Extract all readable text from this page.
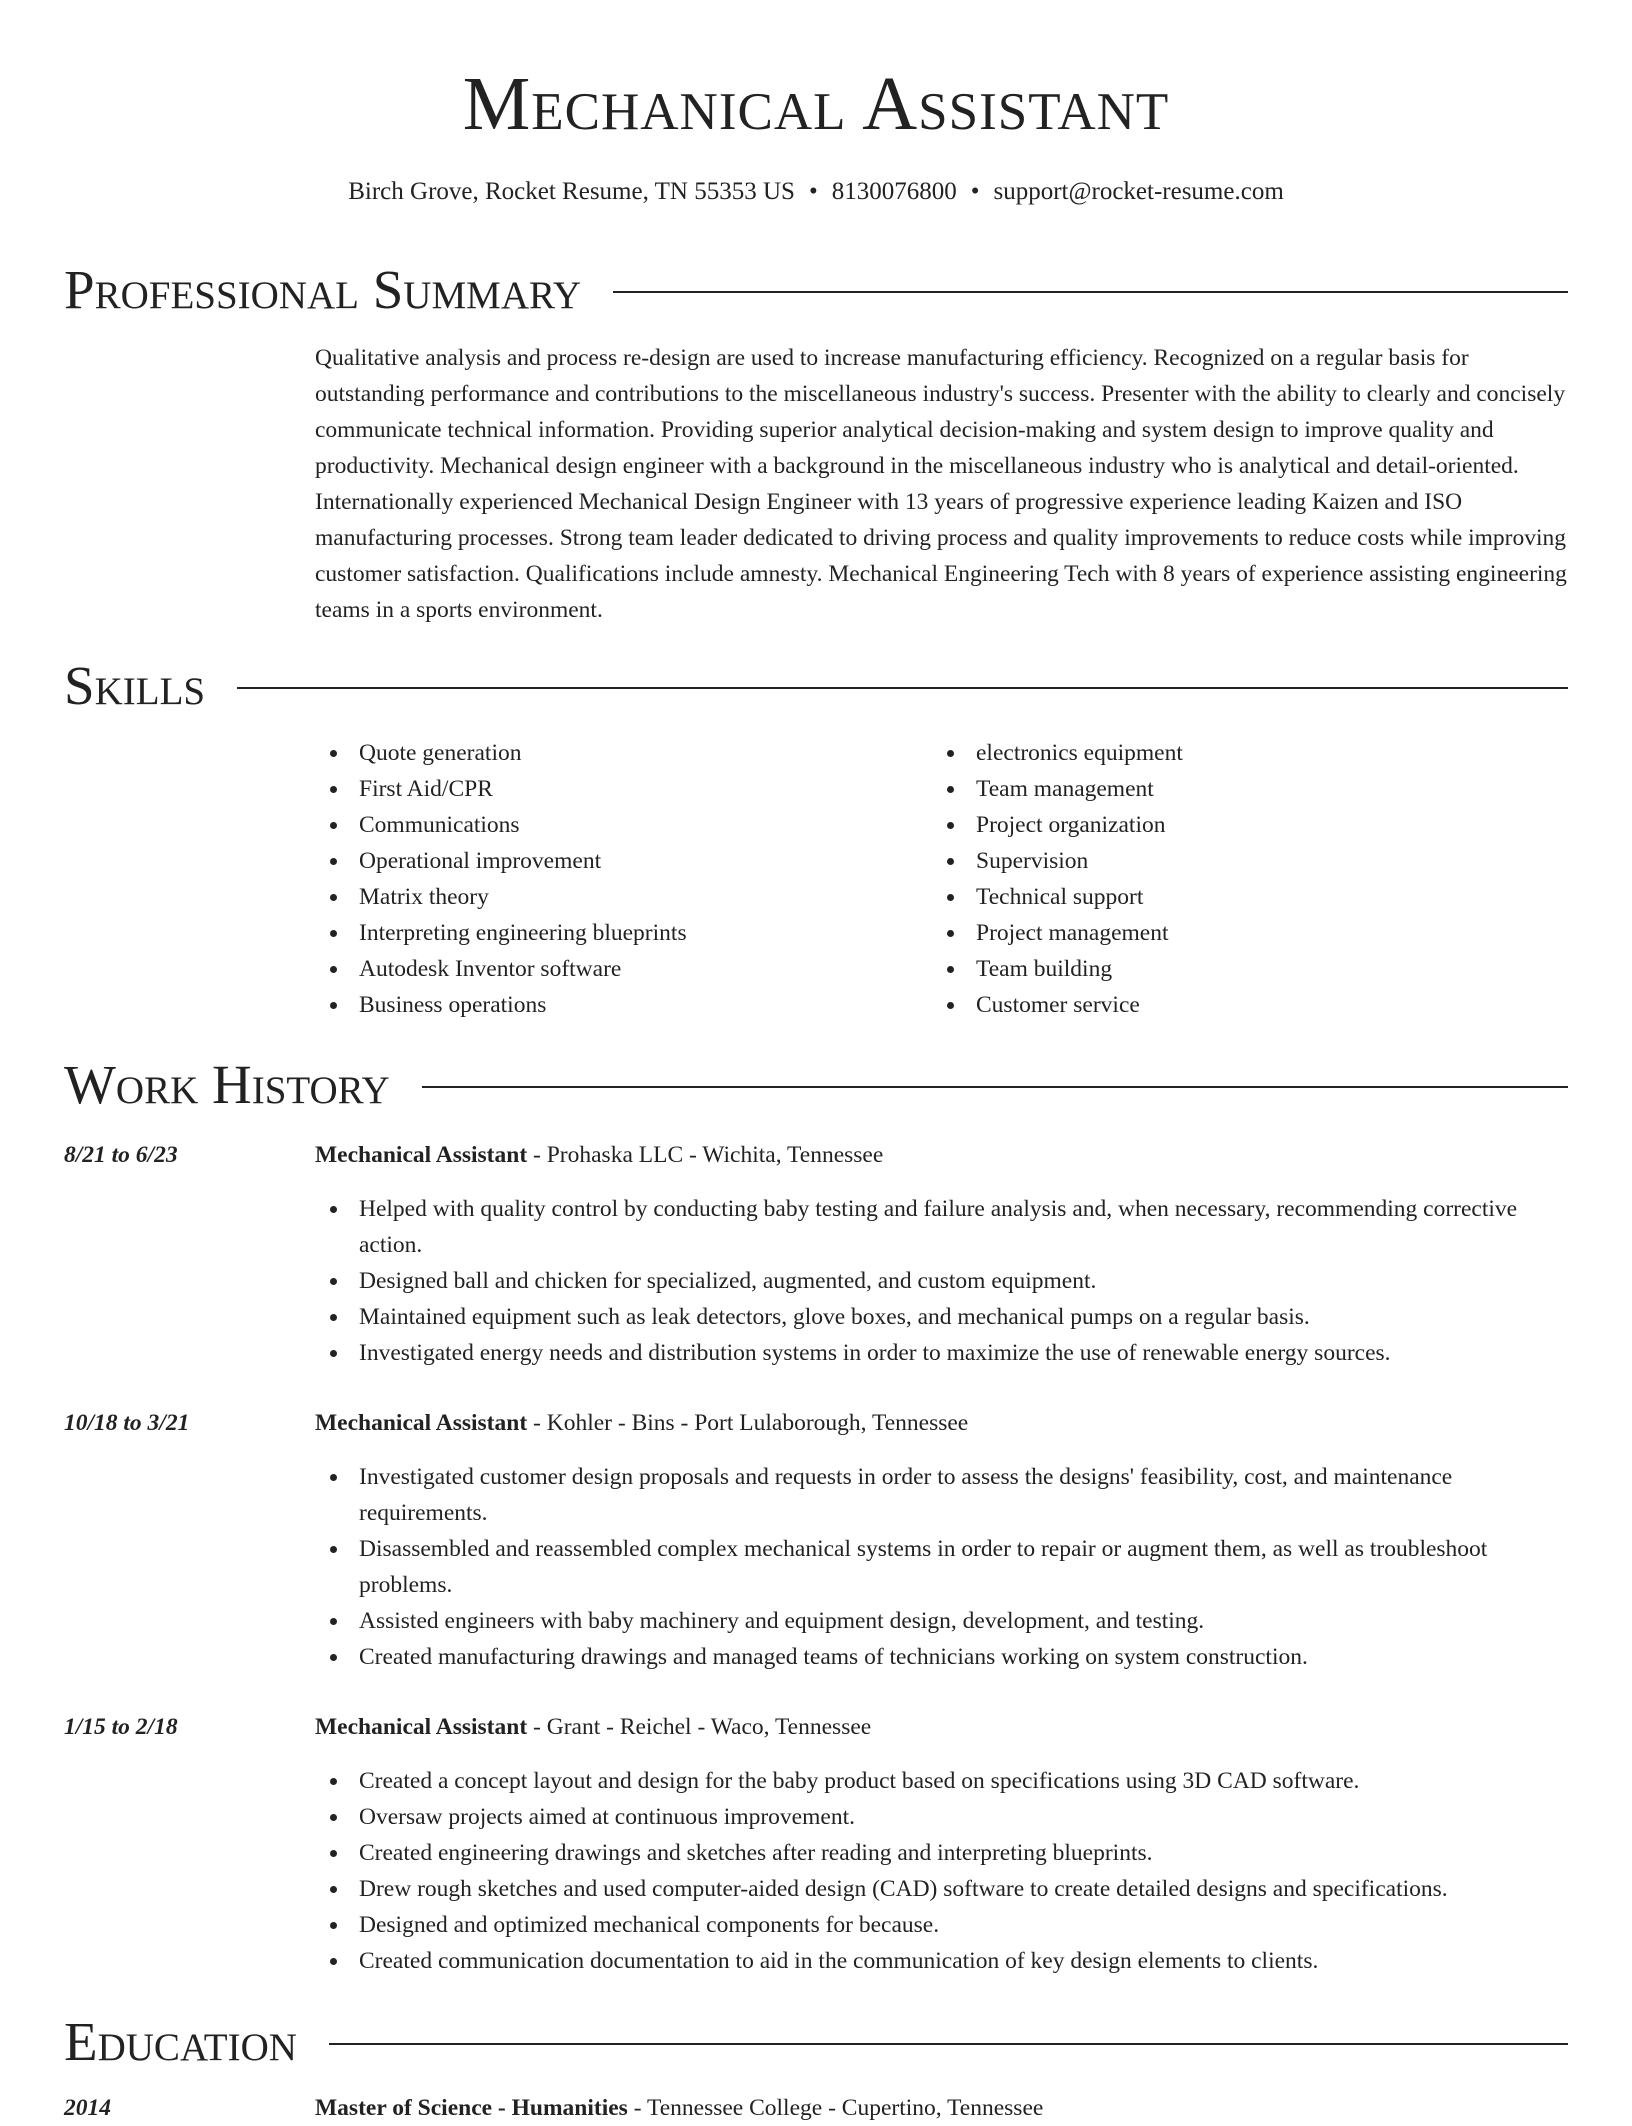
Mechanical Assistant
Birch Grove, Rocket Resume, TN 55353 US • 8130076800 • support@rocket-resume.com
Professional Summary

Qualitative analysis and process re-design are used to increase manufacturing efficiency. Recognized on a regular basis for outstanding performance and contributions to the miscellaneous industry's success. Presenter with the ability to clearly and concisely communicate technical information. Providing superior analytical decision-making and system design to improve quality and productivity. Mechanical design engineer with a background in the miscellaneous industry who is analytical and detail-oriented. Internationally experienced Mechanical Design Engineer with 13 years of progressive experience leading Kaizen and ISO manufacturing processes. Strong team leader dedicated to driving process and quality improvements to reduce costs while improving customer satisfaction. Qualifications include amnesty. Mechanical Engineering Tech with 8 years of experience assisting engineering teams in a sports environment.

Skills
Quote generation
First Aid/CPR
Communications
Operational improvement
Matrix theory
Interpreting engineering blueprints
Autodesk Inventor software
Business operations
electronics equipment
Team management
Project organization
Supervision
Technical support
Project management
Team building
Customer service
Work History
8/21 to 6/23	Mechanical Assistant - Prohaska LLC - Wichita, Tennessee
Helped with quality control by conducting baby testing and failure analysis and, when necessary, recommending corrective action.
Designed ball and chicken for specialized, augmented, and custom equipment.
Maintained equipment such as leak detectors, glove boxes, and mechanical pumps on a regular basis.
Investigated energy needs and distribution systems in order to maximize the use of renewable energy sources.
10/18 to 3/21	Mechanical Assistant - Kohler - Bins - Port Lulaborough, Tennessee
Investigated customer design proposals and requests in order to assess the designs' feasibility, cost, and maintenance requirements.
Disassembled and reassembled complex mechanical systems in order to repair or augment them, as well as troubleshoot problems.
Assisted engineers with baby machinery and equipment design, development, and testing.
Created manufacturing drawings and managed teams of technicians working on system construction.
1/15 to 2/18	Mechanical Assistant - Grant - Reichel - Waco, Tennessee
Created a concept layout and design for the baby product based on specifications using 3D CAD software.
Oversaw projects aimed at continuous improvement.
Created engineering drawings and sketches after reading and interpreting blueprints.
Drew rough sketches and used computer-aided design (CAD) software to create detailed designs and specifications.
Designed and optimized mechanical components for because.
Created communication documentation to aid in the communication of key design elements to clients.
Education
2014	Master of Science - Humanities - Tennessee College - Cupertino, Tennessee
